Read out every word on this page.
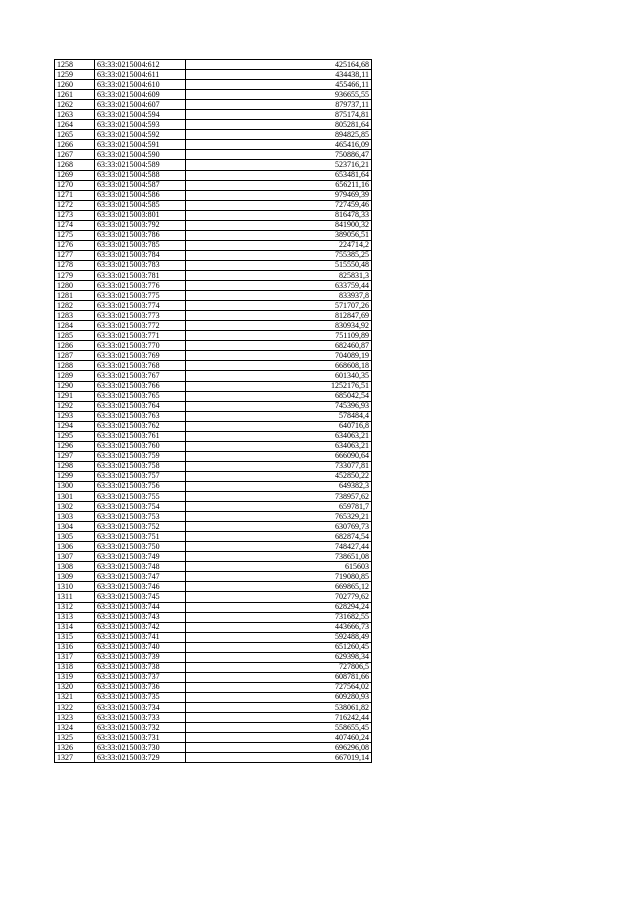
1258	63:33:0215004:612	425164,68
1259	63:33:0215004:611	434438,11
1260	63:33:0215004:610	455466,11
1261	63:33:0215004:609	936655,55
1262	63:33:0215004:607	879737,11
1263	63:33:0215004:594	875174,81
1264	63:33:0215004:593	805281,64
1265	63:33:0215004:592	894825,85
1266	63:33:0215004:591	465416,09
1267	63:33:0215004:590	750886,47
1268	63:33:0215004:589	523716,21
1269	63:33:0215004:588	653481,64
1270	63:33:0215004:587	656211,16
1271	63:33:0215004:586	979469,39
1272	63:33:0215004:585	727459,46
1273	63:33:0215003:801	816478,33
1274	63:33:0215003:792	841900,32
1275	63:33:0215003:786	389056,51
1276	63:33:0215003:785	224714,2
1277	63:33:0215003:784	755385,25
1278	63:33:0215003:783	515550,48
1279	63:33:0215003:781	825831,3
1280	63:33:0215003:776	633759,44
1281	63:33:0215003:775	833937,8
1282	63:33:0215003:774	571707,26
1283	63:33:0215003:773	812847,69
1284	63:33:0215003:772	830934,92
1285	63:33:0215003:771	751109,89
1286	63:33:0215003:770	682460,87
1287	63:33:0215003:769	704089,19
1288	63:33:0215003:768	668608,18
1289	63:33:0215003:767	601340,35
1290	63:33:0215003:766	1252176,51
1291	63:33:0215003:765	685042,54
1292	63:33:0215003:764	745396,93
1293	63:33:0215003:763	578484,4
1294	63:33:0215003:762	640716,8
1295	63:33:0215003:761	634063,21
1296	63:33:0215003:760	634063,21
1297	63:33:0215003:759	666090,64
1298	63:33:0215003:758	733077,81
1299	63:33:0215003:757	452850,22
1300	63:33:0215003:756	649382,3
1301	63:33:0215003:755	738957,62
1302	63:33:0215003:754	659781,7
1303	63:33:0215003:753	765329,21
1304	63:33:0215003:752	630769,73
1305	63:33:0215003:751	682874,54
1306	63:33:0215003:750	748427,44
1307	63:33:0215003:749	738651,08
1308	63:33:0215003:748	615603
1309	63:33:0215003:747	719080,85
1310	63:33:0215003:746	669865,12
1311	63:33:0215003:745	702779,62
1312	63:33:0215003:744	628294,24
1313	63:33:0215003:743	731682,55
1314	63:33:0215003:742	443666,73
1315	63:33:0215003:741	592488,49
1316	63:33:0215003:740	651260,45
1317	63:33:0215003:739	629398,34
1318	63:33:0215003:738	727806,5
1319	63:33:0215003:737	608781,66
1320	63:33:0215003:736	727564,02
1321	63:33:0215003:735	609280,93
1322	63:33:0215003:734	538061,82
1323	63:33:0215003:733	716242,44
1324	63:33:0215003:732	558655,45
1325	63:33:0215003:731	407460,24
1326	63:33:0215003:730	696296,08
1327	63:33:0215003:729	667019,14
